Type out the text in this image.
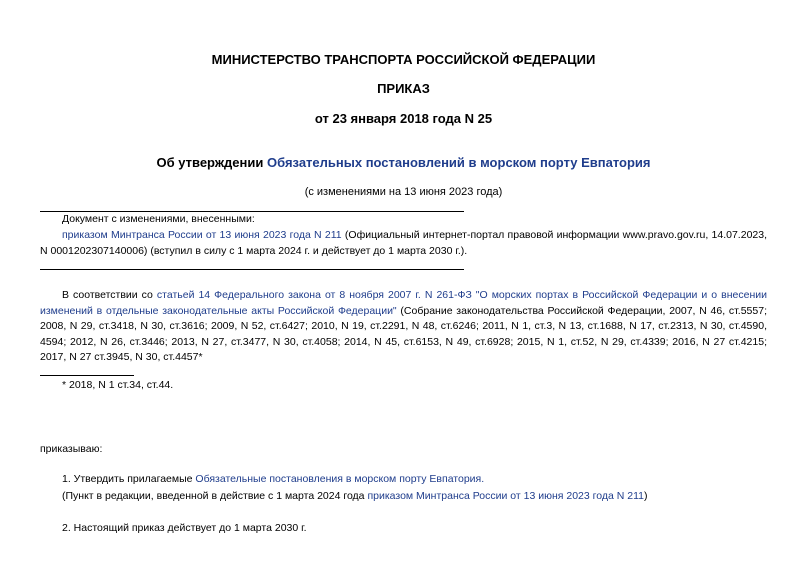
МИНИСТЕРСТВО ТРАНСПОРТА РОССИЙСКОЙ ФЕДЕРАЦИИ
ПРИКАЗ
от 23 января 2018 года N 25
Об утверждении Обязательных постановлений в морском порту Евпатория
(с изменениями на 13 июня 2023 года)
Документ с изменениями, внесенными:
приказом Минтранса России от 13 июня 2023 года N 211 (Официальный интернет-портал правовой информации www.pravo.gov.ru, 14.07.2023, N 0001202307140006) (вступил в силу с 1 марта 2024 г. и действует до 1 марта 2030 г.).
В соответствии со статьей 14 Федерального закона от 8 ноября 2007 г. N 261-ФЗ "О морских портах в Российской Федерации и о внесении изменений в отдельные законодательные акты Российской Федерации" (Собрание законодательства Российской Федерации, 2007, N 46, ст.5557; 2008, N 29, ст.3418, N 30, ст.3616; 2009, N 52, ст.6427; 2010, N 19, ст.2291, N 48, ст.6246; 2011, N 1, ст.3, N 13, ст.1688, N 17, ст.2313, N 30, ст.4590, 4594; 2012, N 26, ст.3446; 2013, N 27, ст.3477, N 30, ст.4058; 2014, N 45, ст.6153, N 49, ст.6928; 2015, N 1, ст.52, N 29, ст.4339; 2016, N 27 ст.4215; 2017, N 27 ст.3945, N 30, ст.4457*
* 2018, N 1 ст.34, ст.44.
приказываю:
1. Утвердить прилагаемые Обязательные постановления в морском порту Евпатория.
(Пункт в редакции, введенной в действие с 1 марта 2024 года приказом Минтранса России от 13 июня 2023 года N 211)
2. Настоящий приказ действует до 1 марта 2030 г.
